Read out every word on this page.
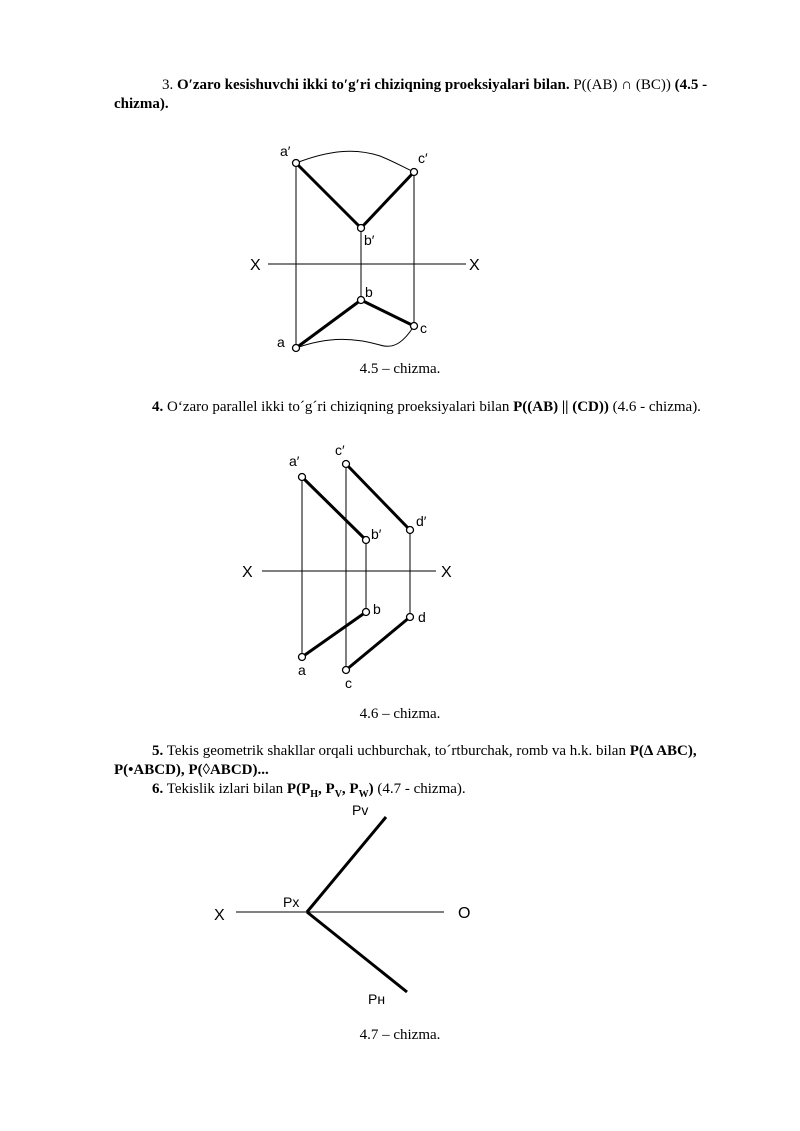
3. O′zaro kesishuvchi ikki to′g′ri chiziqning proeksiyalari bilan. P((AB) ∩ (BC)) (4.5 -
chizma).
a′	c′
b′
b
c
a
X	X
4.5 – chizma.
4. Oʻzaro parallel ikki to´g´ri chiziqning proeksiyalari bilan P((AB) || (CD)) (4.6 - chizma).
a′
c′
b′
d′
b	d
a
c
X	X
4.6 – chizma.
5. Tekis geometrik shakllar orqali uchburchak, to´rtburchak, romb va h.k. bilan P(Δ ABC),
P(•ABCD), P(◊ABCD)...
6. Tekislik izlari bilan $P(P_H$, $P_V$, $P_W$) (4.7 - chizma).
Pv
Px
Pн
X	O
4.7 – chizma.
